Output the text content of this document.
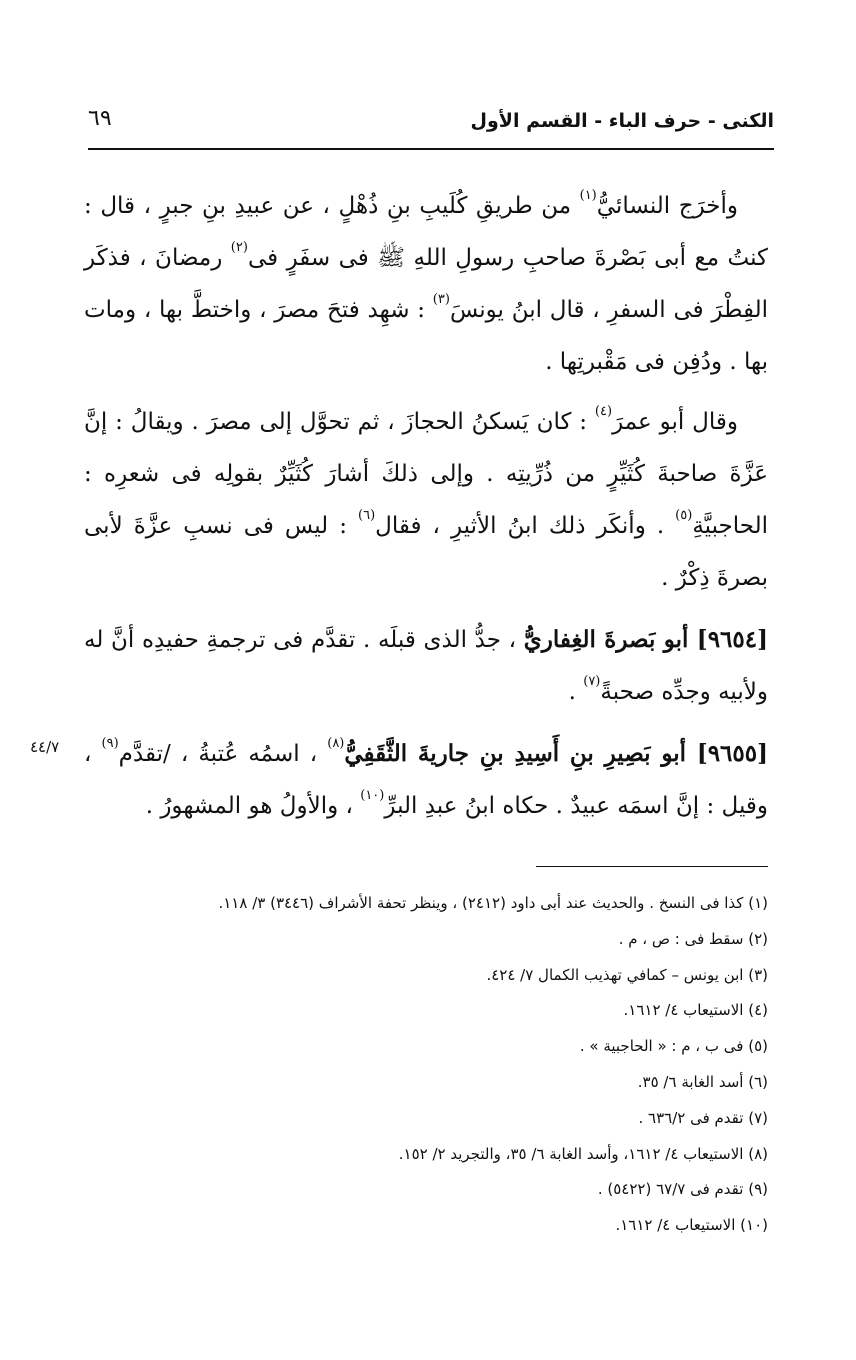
الكنى - حرف الباء - القسم الأول
٦٩

وأخرَج النسائيُّ$^{(١)}$ من طريقِ كُلَيبِ بنِ ذُهْلٍ ، عن عبيدِ بنِ جبرٍ ، قال : كنتُ مع أبى بَصْرةَ صاحبِ رسولِ اللهِ ﷺ فى سفَرٍ فى$^{(٢)}$ رمضانَ ، فذكَر الفِطْرَ فى السفرِ ، قال ابنُ يونسَ$^{(٣)}$ : شهِد فتحَ مصرَ ، واختطَّ بها ، ومات بها . ودُفِن فى مَقْبرتِها .

وقال أبو عمرَ$^{(٤)}$ : كان يَسكنُ الحجازَ ، ثم تحوَّل إلى مصرَ . ويقالُ : إنَّ عَزَّةَ صاحبةَ كُثَيِّرٍ من ذُرِّيتِه . وإلى ذلكَ أشارَ كُثَيِّرٌ بقولِه فى شعرِه : الحاجبيَّةِ$^{(٥)}$ . وأنكَر ذلك ابنُ الأثيرِ ، فقال$^{(٦)}$ : ليس فى نسبِ عزَّةَ لأبى بصرةَ ذِكْرٌ .

[٩٦٥٤] أبو بَصرةَ الغِفاريُّ ، جدُّ الذى قبلَه . تقدَّم فى ترجمةِ حفيدِه أنَّ له ولأبيه وجدِّه صحبةً$^{(٧)}$ .

[٩٦٥٥] أبو بَصِيرِ بنِ أَسِيدِ بنِ جاريةَ الثَّقَفِيُّ$^{(٨)}$ ، اسمُه عُتبةُ ، /تقدَّم$^{(٩)}$ ، وقيل : إنَّ اسمَه عبيدٌ . حكاه ابنُ عبدِ البرِّ$^{(١٠)}$ ، والأولُ هو المشهورُ .

٤٤/٧
(١) كذا فى النسخ . والحديث عند أبى داود (٢٤١٢) ، وينظر تحفة الأشراف (٣٤٤٦) ٣/ ١١٨.
(٢) سقط فى : ص ، م .
(٣) ابن يونس – كمافي تهذيب الكمال ٧/ ٤٢٤.
(٤) الاستيعاب ٤/ ١٦١٢.
(٥) فى ب ، م : « الحاجبية » .
(٦) أسد الغابة ٦/ ٣٥.
(٧) تقدم فى ٦٣٦/٢ .
(٨) الاستيعاب ٤/ ١٦١٢، وأسد الغابة ٦/ ٣٥، والتجريد ٢/ ١٥٢.
(٩) تقدم فى ٦٧/٧ (٥٤٢٢) .
(١٠) الاستيعاب ٤/ ١٦١٢.
